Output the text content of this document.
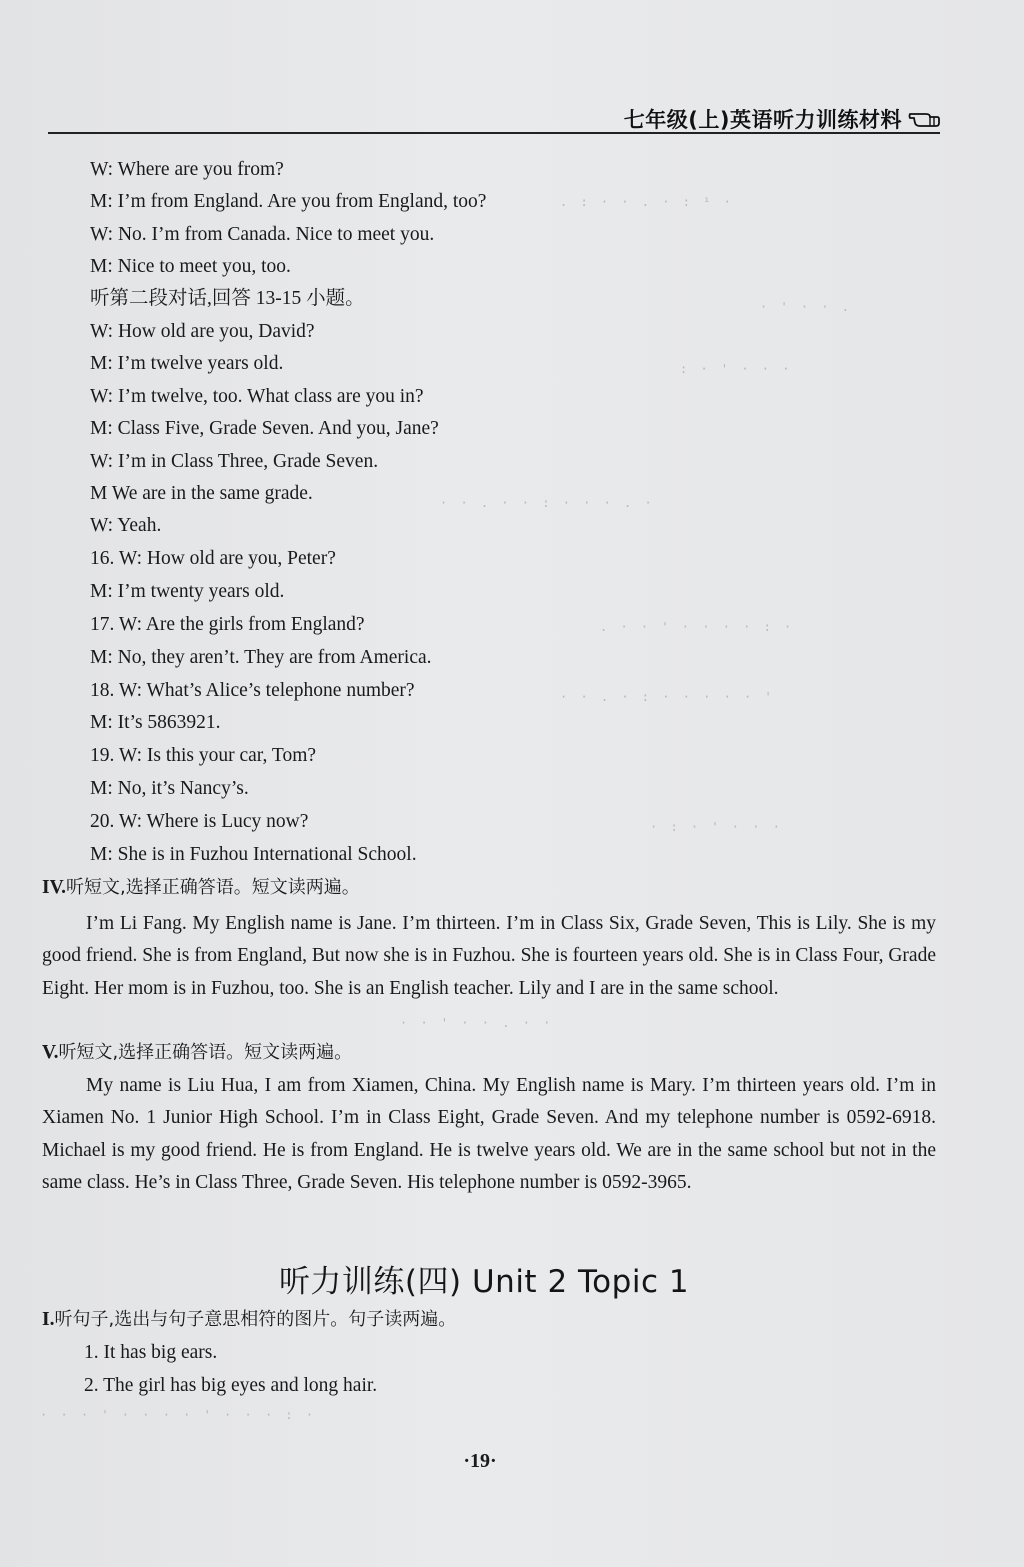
七年级(上)英语听力训练材料
W: Where are you from?
M: I’m from England. Are you from England, too?
W: No. I’m from Canada. Nice to meet you.
M: Nice to meet you, too.
听第二段对话,回答 13-15 小题。
W: How old are you, David?
M: I’m twelve years old.
W: I’m twelve, too. What class are you in?
M: Class Five, Grade Seven. And you, Jane?
W: I’m in Class Three, Grade Seven.
M We are in the same grade.
W: Yeah.
16. W: How old are you, Peter?
M: I’m twenty years old.
17. W: Are the girls from England?
M: No, they aren’t. They are from America.
18. W: What’s Alice’s telephone number?
M: It’s 5863921.
19. W: Is this your car, Tom?
M: No, it’s Nancy’s.
20. W: Where is Lucy now?
M: She is in Fuzhou International School.
IV.听短文,选择正确答语。短文读两遍。
I’m Li Fang. My English name is Jane. I’m thirteen. I’m in Class Six, Grade Seven, This is Lily. She is my good friend. She is from England, But now she is in Fuzhou. She is fourteen years old. She is in Class Four, Grade Eight. Her mom is in Fuzhou, too. She is an English teacher. Lily and I are in the same school.
V.听短文,选择正确答语。短文读两遍。
My name is Liu Hua, I am from Xiamen, China. My English name is Mary. I’m thirteen years old. I’m in Xiamen No. 1 Junior High School. I’m in Class Eight, Grade Seven. And my telephone number is 0592-6918. Michael is my good friend. He is from England. He is twelve years old. We are in the same school but not in the same class. He’s in Class Three, Grade Seven. His telephone number is 0592-3965.
听力训练(四) Unit 2 Topic 1
I.听句子,选出与句子意思相符的图片。句子读两遍。
1. It has big ears.
2. The girl has big eyes and long hair.
·19·
. : · · . · : ¹ ·
· ' · · .
: · ' · · ·
· · . · · : · · · . ·
. · · ' · · · · : ·
· · . · : · · · · · '
· : · ' · · ·
· · ' · · . · ·
· · · ' · · · · ' · · · : ·
